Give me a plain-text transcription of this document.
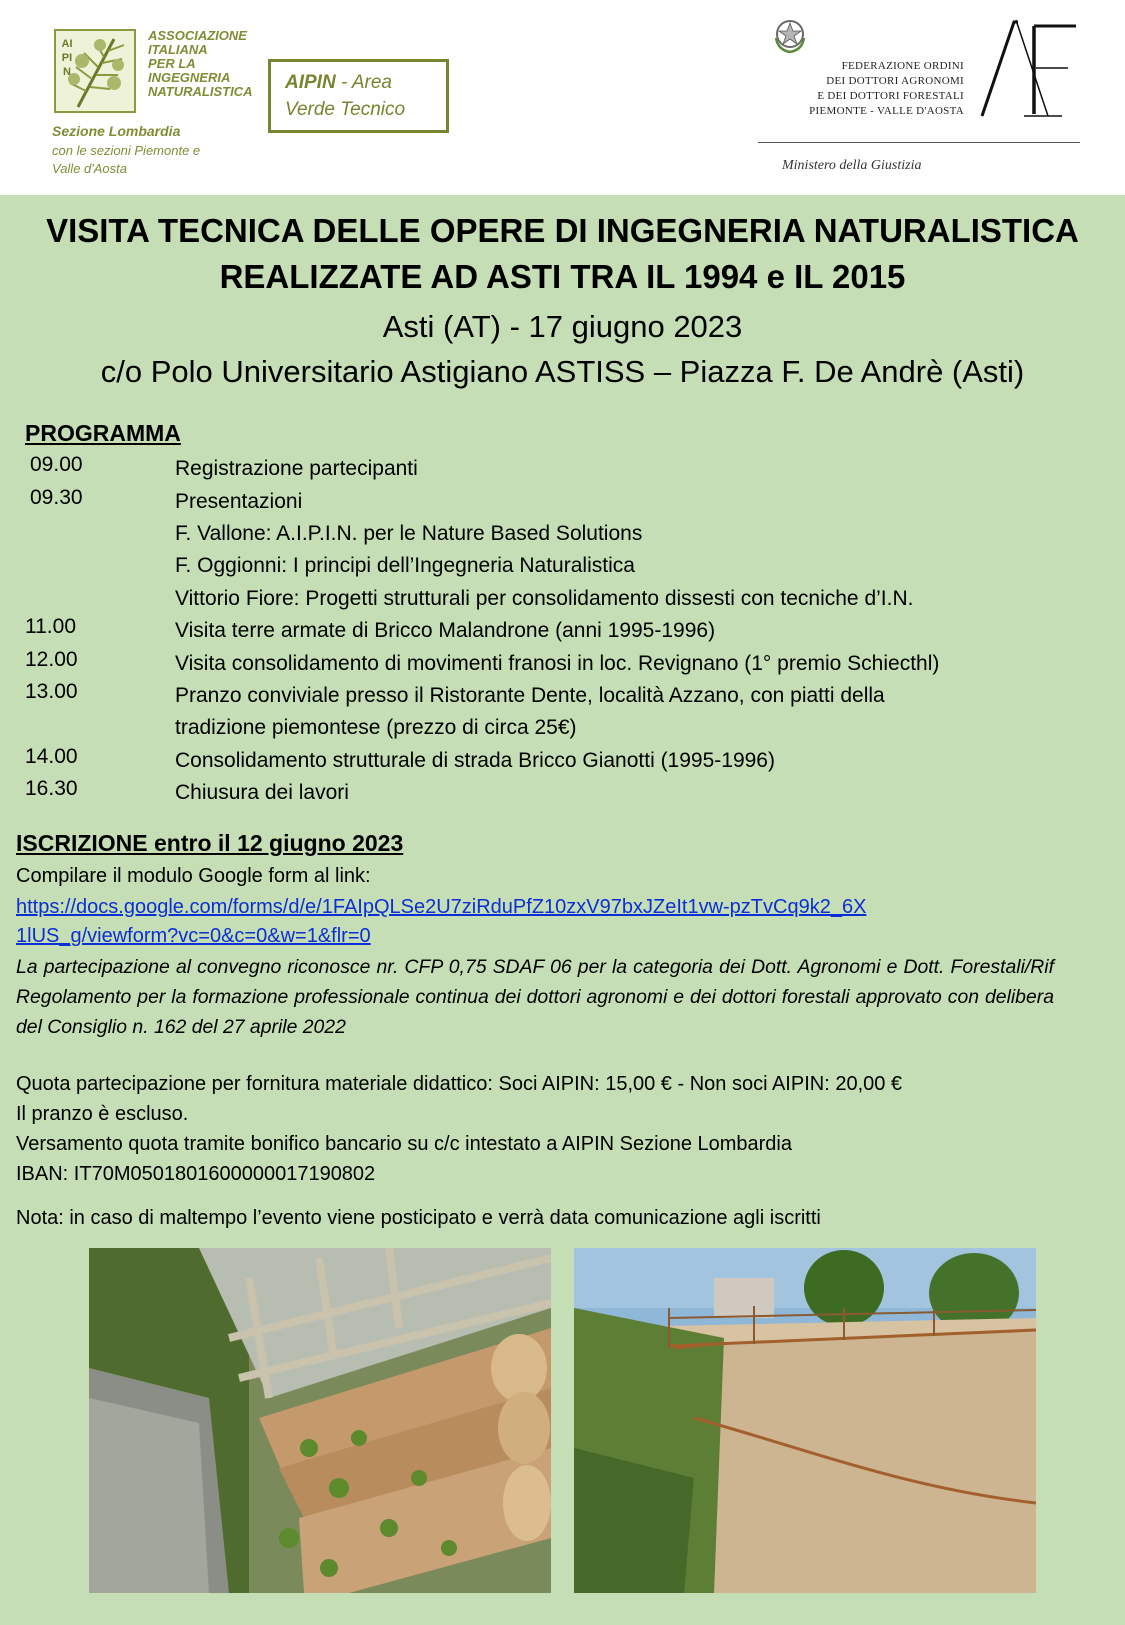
AIPIN
ASSOCIAZIONE
ITALIANA
PER LA
INGEGNERIA
NATURALISTICA
Sezione Lombardia
con le sezioni Piemonte e
Valle d'Aosta
AIPIN - Area Verde Tecnico
FEDERAZIONE ORDINI
DEI DOTTORI AGRONOMI
E DEI DOTTORI FORESTALI
PIEMONTE - VALLE D'AOSTA
Ministero della Giustizia
VISITA TECNICA DELLE OPERE DI INGEGNERIA NATURALISTICA
REALIZZATE AD ASTI TRA IL 1994 e IL 2015
Asti (AT) - 17 giugno 2023
c/o Polo Universitario Astigiano ASTISS – Piazza F. De Andrè (Asti)
PROGRAMMA
09.00	Registrazione partecipanti
09.30	Presentazioni
F. Vallone: A.I.P.I.N. per le Nature Based Solutions
F. Oggionni: I principi dell’Ingegneria Naturalistica
Vittorio Fiore: Progetti strutturali per consolidamento dissesti con tecniche d’I.N.
11.00	Visita terre armate di Bricco Malandrone (anni 1995-1996)
12.00	Visita consolidamento di movimenti franosi in loc. Revignano (1° premio Schiecthl)
13.00	Pranzo conviviale presso il Ristorante Dente, località Azzano, con piatti della
tradizione piemontese (prezzo di circa 25€)
14.00	Consolidamento strutturale di strada Bricco Gianotti (1995-1996)
16.30	Chiusura dei lavori
ISCRIZIONE entro il 12 giugno 2023
Compilare il modulo Google form al link:
https://docs.google.com/forms/d/e/1FAIpQLSe2U7ziRduPfZ10zxV97bxJZeIt1vw-pzTvCq9k2_6X1lUS_g/viewform?vc=0&c=0&w=1&flr=0
La partecipazione al convegno riconosce nr. CFP 0,75 SDAF 06 per la categoria dei Dott. Agronomi e Dott. Forestali/Rif Regolamento per la formazione professionale continua dei dottori agronomi e dei dottori forestali approvato con delibera del Consiglio n. 162 del 27 aprile 2022
Quota partecipazione per fornitura materiale didattico: Soci AIPIN: 15,00 € - Non soci AIPIN: 20,00 €
Il pranzo è escluso.
Versamento quota tramite bonifico bancario su c/c intestato a AIPIN Sezione Lombardia
IBAN: IT70M0501801600000017190802
Nota: in caso di maltempo l’evento viene posticipato e verrà data comunicazione agli iscritti
